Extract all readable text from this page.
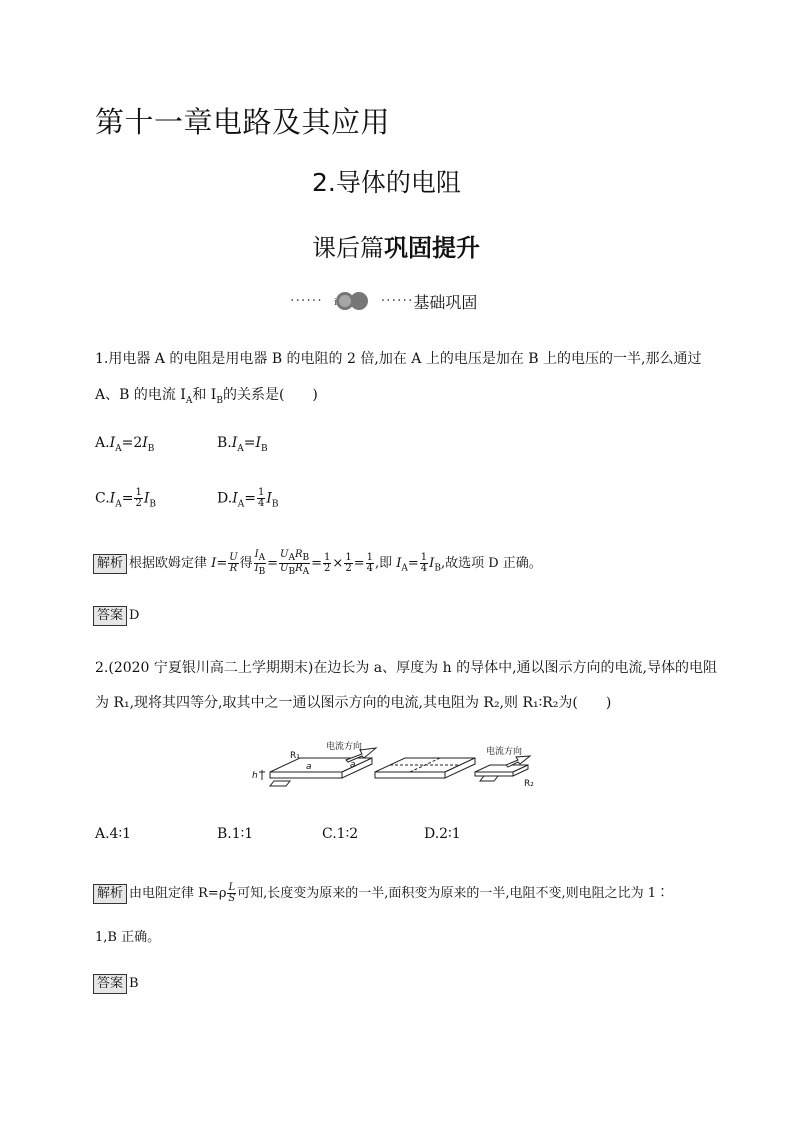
第十一章电路及其应用
2.导体的电阻
课后篇巩固提升
······ i	······ 基础巩固
1.用电器 A 的电阻是用电器 B 的电阻的 2 倍,加在 A 上的电压是加在 B 上的电压的一半,那么通过
A、B 的电流 $I_A$和 $I_B$的关系是(　　)
$A.I_A=2I_B$	$B.I_A=I_B$
$C.I_A= \frac{1}{2} I_B$	$D.I_A= \frac{1}{4} I_B$
解析 根据欧姆定律 $I= \frac{U}{R}$ 得 $\frac{I_A}{I_B} = \frac{U_AR_B}{U_BR_A} = \frac{1}{2} \times \frac{1}{2} = \frac{1}{4}$ ,即 $I_A= \frac{1}{4} I_B$,故选项 D 正确。
答案 D
2.(2020 宁夏银川高二上学期期末)在边长为 a、厚度为 h 的导体中,通以图示方向的电流,导体的电阻
为 R₁,现将其四等分,取其中之一通以图示方向的电流,其电阻为 R₂,则 R₁∶R₂为(　　)
电流方向	电流方向
R₁
R₂
a	a
h
A.4∶1	B.1∶1	C.1∶2	D.2∶1
解析 由电阻定律 $R=\rho \frac{L}{S}$ 可知,长度变为原来的一半,面积变为原来的一半,电阻不变,则电阻之比为 1∶
1,B 正确。
答案 B
